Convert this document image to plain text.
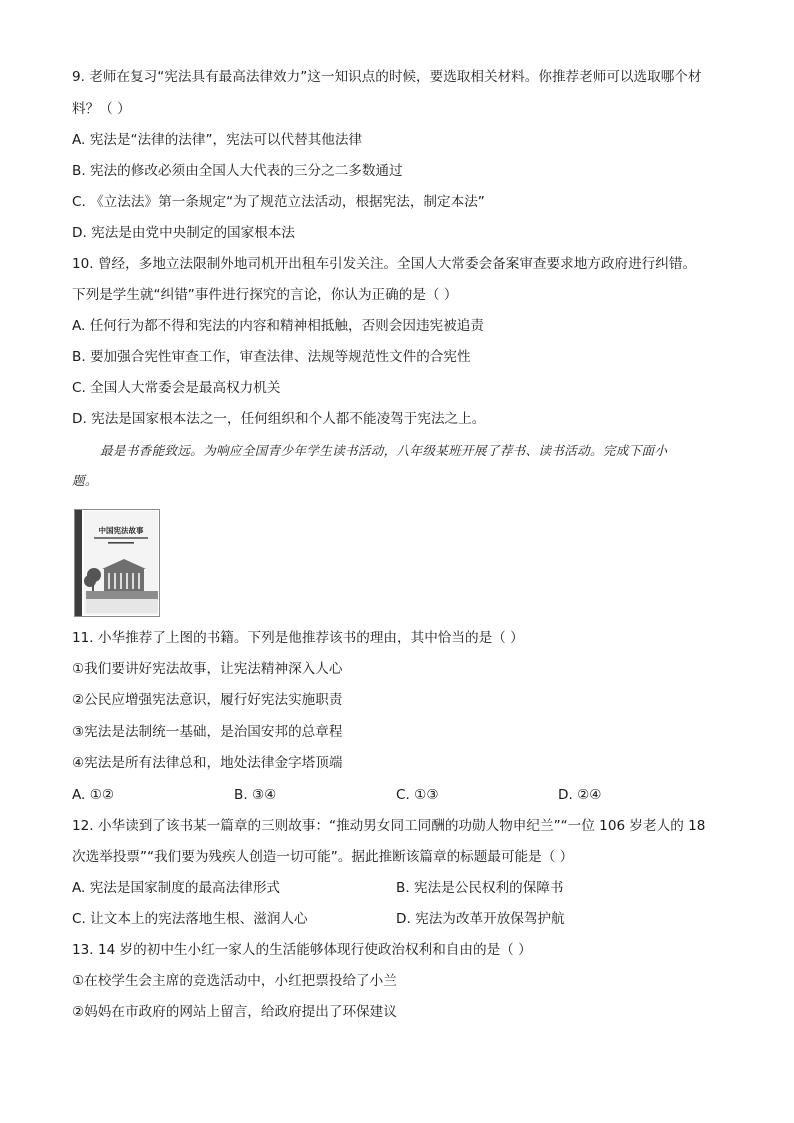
9. 老师在复习“宪法具有最高法律效力”这一知识点的时候，要选取相关材料。你推荐老师可以选取哪个材
料？（ ）
A. 宪法是“法律的法律”，宪法可以代替其他法律
B. 宪法的修改必须由全国人大代表的三分之二多数通过
C. 《立法法》第一条规定“为了规范立法活动，根据宪法，制定本法”
D. 宪法是由党中央制定的国家根本法
10. 曾经，多地立法限制外地司机开出租车引发关注。全国人大常委会备案审查要求地方政府进行纠错。
下列是学生就“纠错”事件进行探究的言论，你认为正确的是（ ）
A. 任何行为都不得和宪法的内容和精神相抵触，否则会因违宪被追责
B. 要加强合宪性审查工作，审查法律、法规等规范性文件的合宪性
C. 全国人大常委会是最高权力机关
D. 宪法是国家根本法之一，任何组织和个人都不能凌驾于宪法之上。
最是书香能致远。为响应全国青少年学生读书活动，八年级某班开展了荐书、读书活动。完成下面小
题。
中国宪法故事
11. 小华推荐了上图的书籍。下列是他推荐该书的理由，其中恰当的是（ ）
①我们要讲好宪法故事，让宪法精神深入人心
②公民应增强宪法意识，履行好宪法实施职责
③宪法是法制统一基础，是治国安邦的总章程
④宪法是所有法律总和，地处法律金字塔顶端
A. ①②	B. ③④	C. ①③	D. ②④
12. 小华读到了该书某一篇章的三则故事：“推动男女同工同酬的功勋人物申纪兰”“一位 106 岁老人的 18
次选举投票”“我们要为残疾人创造一切可能”。据此推断该篇章的标题最可能是（ ）
A. 宪法是国家制度的最高法律形式	B. 宪法是公民权利的保障书
C. 让文本上的宪法落地生根、滋润人心	D. 宪法为改革开放保驾护航
13. 14 岁的初中生小红一家人的生活能够体现行使政治权利和自由的是（ ）
①在校学生会主席的竞选活动中，小红把票投给了小兰
②妈妈在市政府的网站上留言，给政府提出了环保建议
